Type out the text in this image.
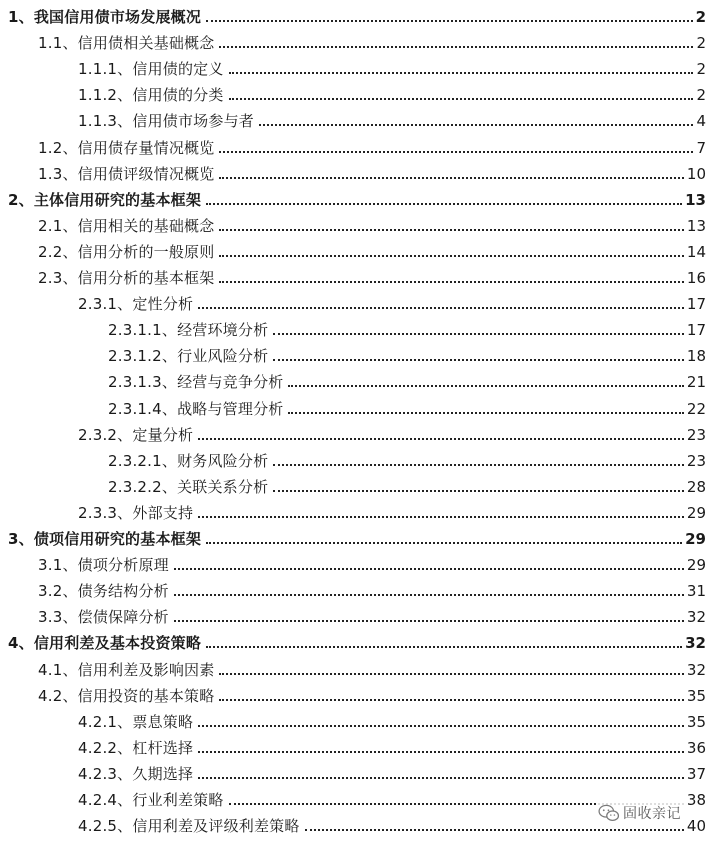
1、我国信用债市场发展概况	2
1.1、信用债相关基础概念	2
1.1.1、信用债的定义	2
1.1.2、信用债的分类	2
1.1.3、信用债市场参与者	4
1.2、信用债存量情况概览	7
1.3、信用债评级情况概览	10
2、主体信用研究的基本框架	13
2.1、信用相关的基础概念	13
2.2、信用分析的一般原则	14
2.3、信用分析的基本框架	16
2.3.1、定性分析	17
2.3.1.1、经营环境分析	17
2.3.1.2、行业风险分析	18
2.3.1.3、经营与竞争分析	21
2.3.1.4、战略与管理分析	22
2.3.2、定量分析	23
2.3.2.1、财务风险分析	23
2.3.2.2、关联关系分析	28
2.3.3、外部支持	29
3、债项信用研究的基本框架	29
3.1、债项分析原理	29
3.2、债务结构分析	31
3.3、偿债保障分析	32
4、信用利差及基本投资策略	32
4.1、信用利差及影响因素	32
4.2、信用投资的基本策略	35
4.2.1、票息策略	35
4.2.2、杠杆选择	36
4.2.3、久期选择	37
4.2.4、行业利差策略	38
4.2.5、信用利差及评级利差策略	40
固收亲记
